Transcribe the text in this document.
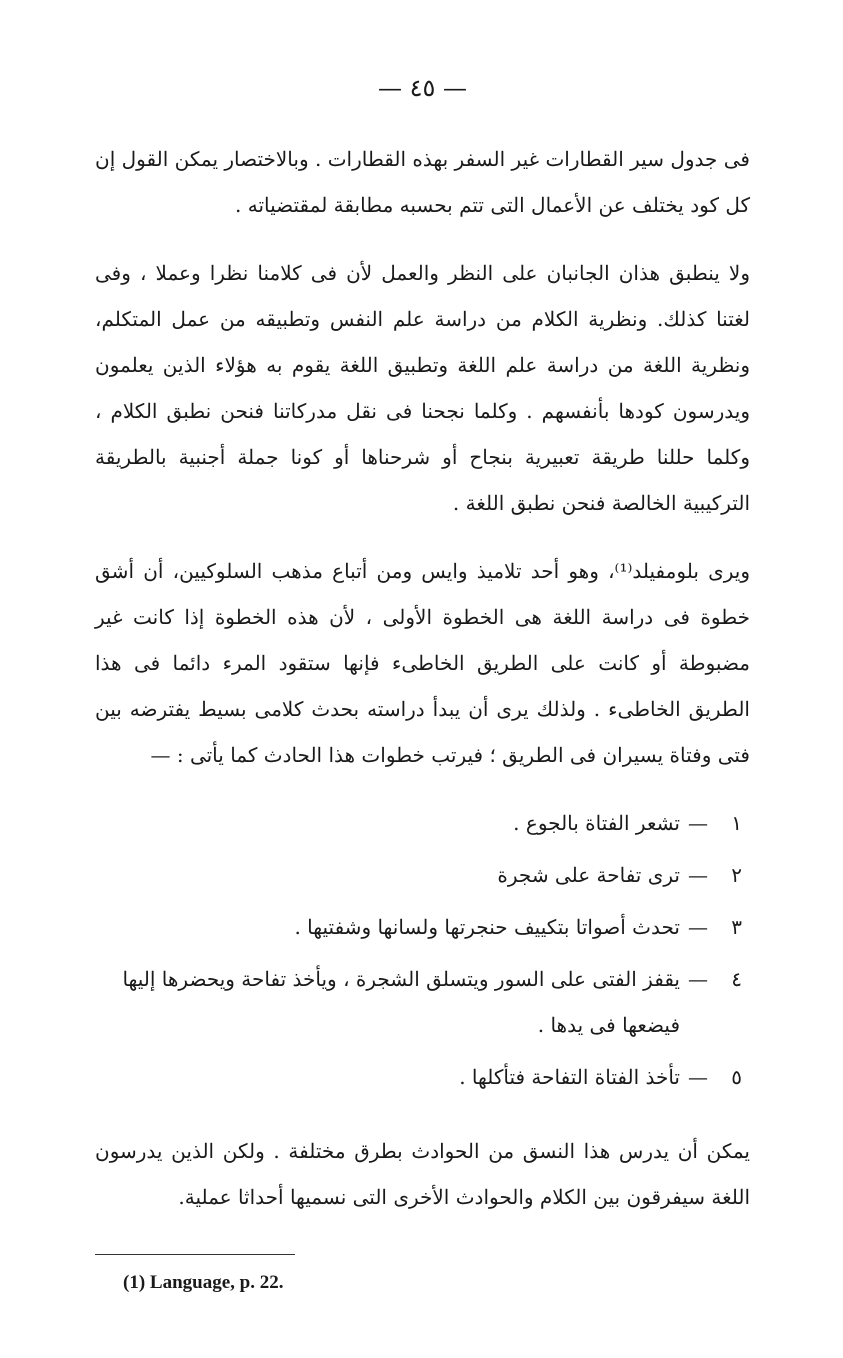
— ٤٥ —

فى جدول سير القطارات غير السفر بهذه القطارات . وبالاختصار يمكن القول إن كل كود يختلف عن الأعمال التى تتم بحسبه مطابقة لمقتضياته .

ولا ينطبق هذان الجانبان على النظر والعمل لأن فى كلامنا نظرا وعملا ، وفى لغتنا كذلك. ونظرية الكلام من دراسة علم النفس وتطبيقه من عمل المتكلم، ونظرية اللغة من دراسة علم اللغة وتطبيق اللغة يقوم به هؤلاء الذين يعلمون ويدرسون كودها بأنفسهم . وكلما نجحنا فى نقل مدركاتنا فنحن نطبق الكلام ، وكلما حللنا طريقة تعبيرية بنجاح أو شرحناها أو كونا جملة أجنبية بالطريقة التركيبية الخالصة فنحن نطبق اللغة .

ويرى بلومفيلد⁽¹⁾، وهو أحد تلاميذ وايس ومن أتباع مذهب السلوكيين، أن أشق خطوة فى دراسة اللغة هى الخطوة الأولى ، لأن هذه الخطوة إذا كانت غير مضبوطة أو كانت على الطريق الخاطىء فإنها ستقود المرء دائما فى هذا الطريق الخاطىء . ولذلك يرى أن يبدأ دراسته بحدث كلامى بسيط يفترضه بين فتى وفتاة يسيران فى الطريق ؛ فيرتب خطوات هذا الحادث كما يأتى : —

١
—
تشعر الفتاة بالجوع .
٢
—
ترى تفاحة على شجرة
٣
—
تحدث أصواتا بتكييف حنجرتها ولسانها وشفتيها .
٤
—
يقفز الفتى على السور ويتسلق الشجرة ، ويأخذ تفاحة ويحضرها إليها فيضعها فى يدها .
٥
—
تأخذ الفتاة التفاحة فتأكلها .

يمكن أن يدرس هذا النسق من الحوادث بطرق مختلفة . ولكن الذين يدرسون اللغة سيفرقون بين الكلام والحوادث الأخرى التى نسميها أحداثا عملية.

(1) Language, p. 22.
